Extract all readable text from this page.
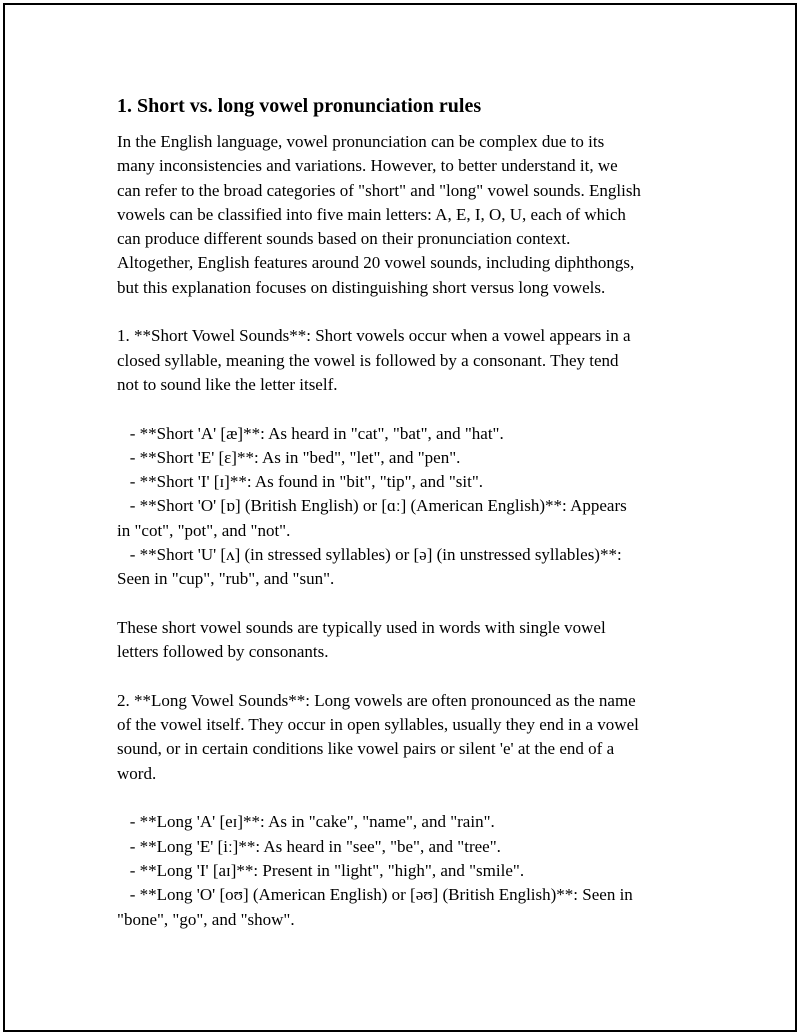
1. Short vs. long vowel pronunciation rules
In the English language, vowel pronunciation can be complex due to its
many inconsistencies and variations. However, to better understand it, we
can refer to the broad categories of "short" and "long" vowel sounds. English
vowels can be classified into five main letters: A, E, I, O, U, each of which
can produce different sounds based on their pronunciation context.
Altogether, English features around 20 vowel sounds, including diphthongs,
but this explanation focuses on distinguishing short versus long vowels.
1. **Short Vowel Sounds**: Short vowels occur when a vowel appears in a
closed syllable, meaning the vowel is followed by a consonant. They tend
not to sound like the letter itself.
- **Short 'A' [æ]**: As heard in "cat", "bat", and "hat".
- **Short 'E' [ɛ]**: As in "bed", "let", and "pen".
- **Short 'I' [ɪ]**: As found in "bit", "tip", and "sit".
- **Short 'O' [ɒ] (British English) or [ɑː] (American English)**: Appears
in "cot", "pot", and "not".
- **Short 'U' [ʌ] (in stressed syllables) or [ə] (in unstressed syllables)**:
Seen in "cup", "rub", and "sun".
These short vowel sounds are typically used in words with single vowel
letters followed by consonants.
2. **Long Vowel Sounds**: Long vowels are often pronounced as the name
of the vowel itself. They occur in open syllables, usually they end in a vowel
sound, or in certain conditions like vowel pairs or silent 'e' at the end of a
word.
- **Long 'A' [eɪ]**: As in "cake", "name", and "rain".
- **Long 'E' [iː]**: As heard in "see", "be", and "tree".
- **Long 'I' [aɪ]**: Present in "light", "high", and "smile".
- **Long 'O' [oʊ] (American English) or [əʊ] (British English)**: Seen in
"bone", "go", and "show".
